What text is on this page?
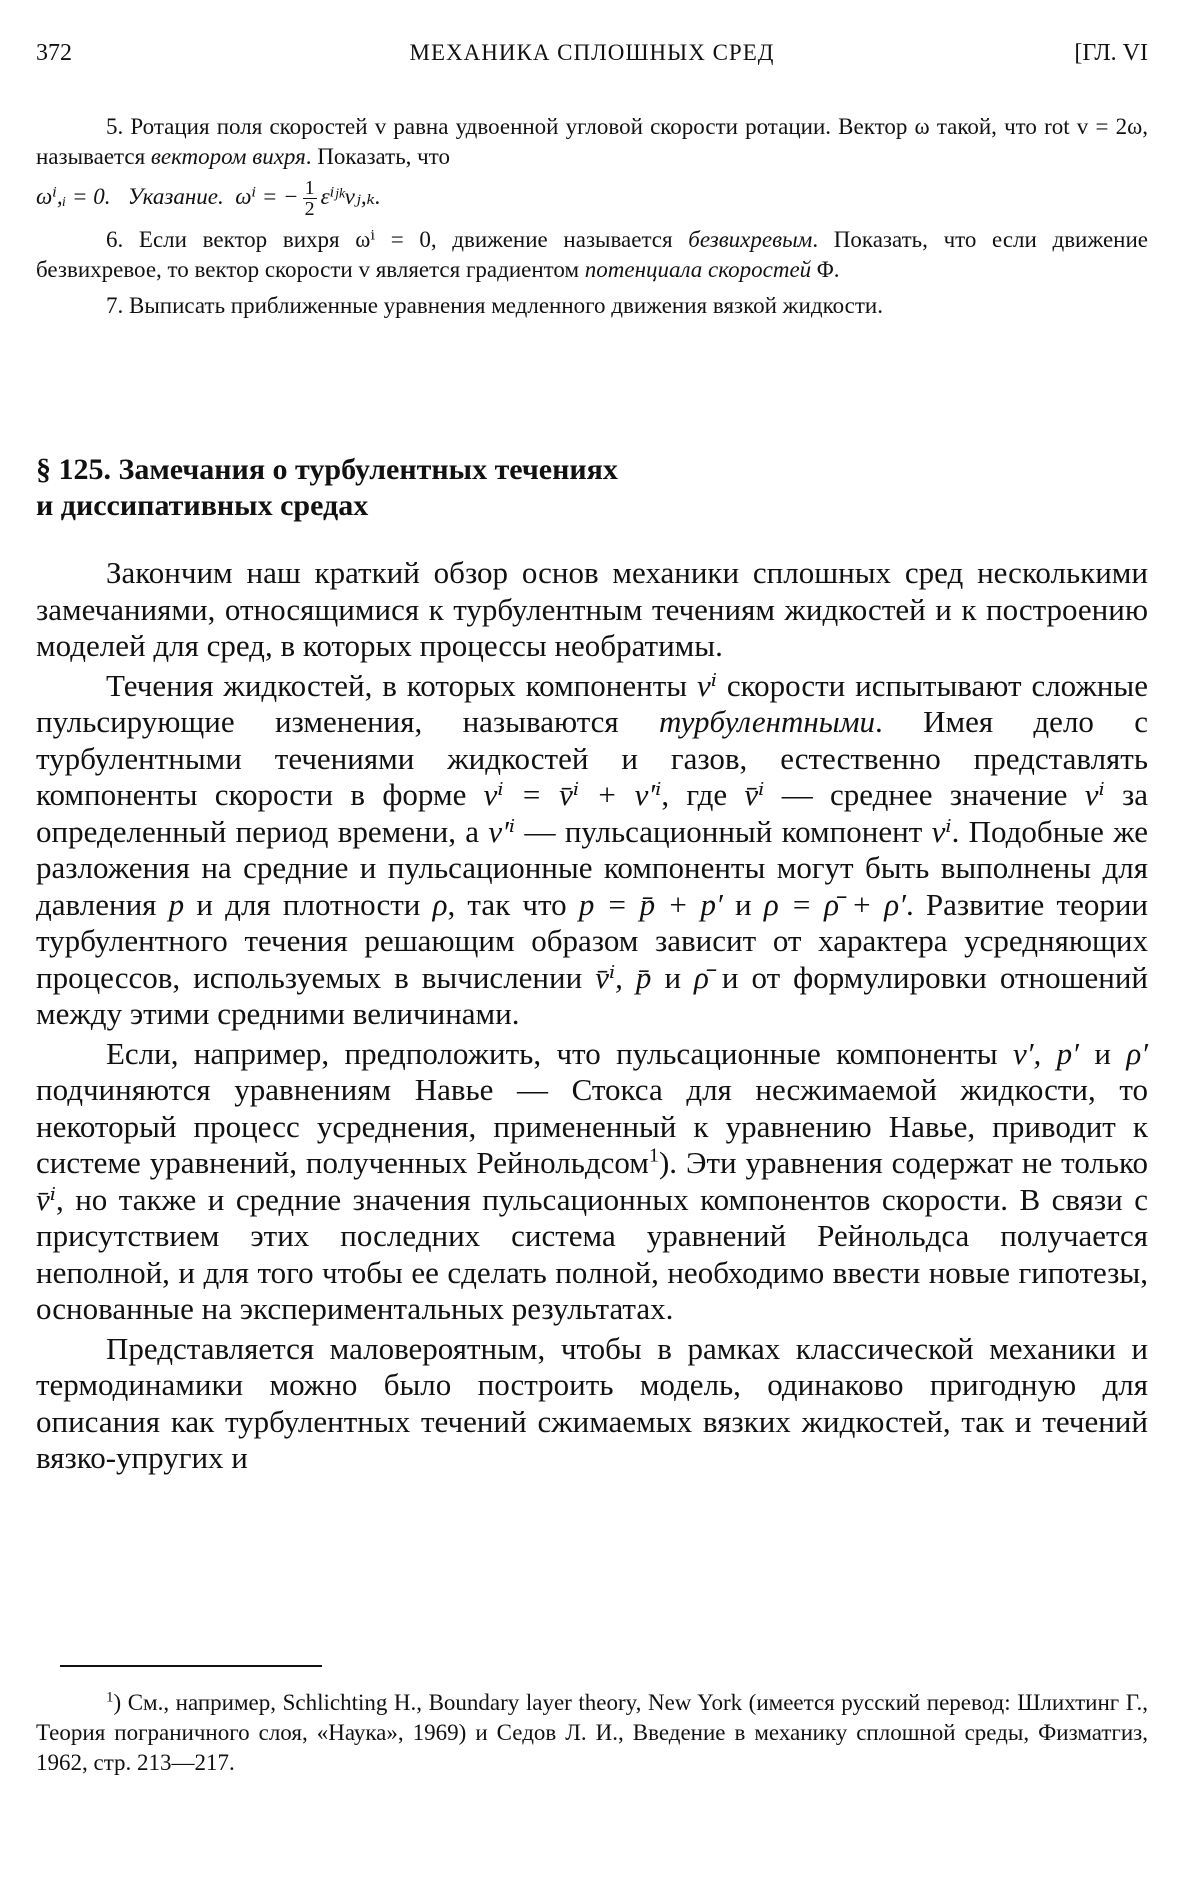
372	МЕХАНИКА СПЛОШНЫХ СРЕД	[ГЛ. VI

5. Ротация поля скоростей v равна удвоенной угловой скорости ротации. Вектор ω такой, что rot v = 2ω, называется вектором вихря. Показать, что

ωⁱ,ᵢ = 0. Указание. ωⁱ = − $\frac{1}{2}$ εⁱʲᵏvⱼ,ₖ.

6. Если вектор вихря ωⁱ = 0, движение называется безвихревым. Показать, что если движение безвихревое, то вектор скорости v является градиентом потенциала скоростей Φ.

7. Выписать приближенные уравнения медленного движения вязкой жидкости.

§ 125. Замечания о турбулентных течениях
и диссипативных средах

Закончим наш краткий обзор основ механики сплошных сред несколькими замечаниями, относящимися к турбулентным течениям жидкостей и к построению моделей для сред, в которых процессы необратимы.

Течения жидкостей, в которых компоненты vⁱ скорости испытывают сложные пульсирующие изменения, называются турбулентными. Имея дело с турбулентными течениями жидкостей и газов, естественно представлять компоненты скорости в форме vⁱ = v̄ⁱ + v′ⁱ, где v̄ⁱ — среднее значение vⁱ за определенный период времени, а v′ⁱ — пульсационный компонент vⁱ. Подобные же разложения на средние и пульсационные компоненты могут быть выполнены для давления p и для плотности ρ, так что p = p̄ + p′ и ρ = ρ̄ + ρ′. Развитие теории турбулентного течения решающим образом зависит от характера усредняющих процессов, используемых в вычислении v̄ⁱ, p̄ и ρ̄ и от формулировки отношений между этими средними величинами.

Если, например, предположить, что пульсационные компоненты v′, p′ и ρ′ подчиняются уравнениям Навье — Стокса для несжимаемой жидкости, то некоторый процесс усреднения, примененный к уравнению Навье, приводит к системе уравнений, полученных Рейнольдсом$^1$). Эти уравнения содержат не только v̄ⁱ, но также и средние значения пульсационных компонентов скорости. В связи с присутствием этих последних система уравнений Рейнольдса получается неполной, и для того чтобы ее сделать полной, необходимо ввести новые гипотезы, основанные на экспериментальных результатах.

Представляется маловероятным, чтобы в рамках классической механики и термодинамики можно было построить модель, одинаково пригодную для описания как турбулентных течений сжимаемых вязких жидкостей, так и течений вязко-упругих и

$^1$) См., например, Schlichting H., Boundary layer theory, New York (имеется русский перевод: Шлихтинг Г., Теория пограничного слоя, «Наука», 1969) и Седов Л. И., Введение в механику сплошной среды, Физматгиз, 1962, стр. 213—217.
